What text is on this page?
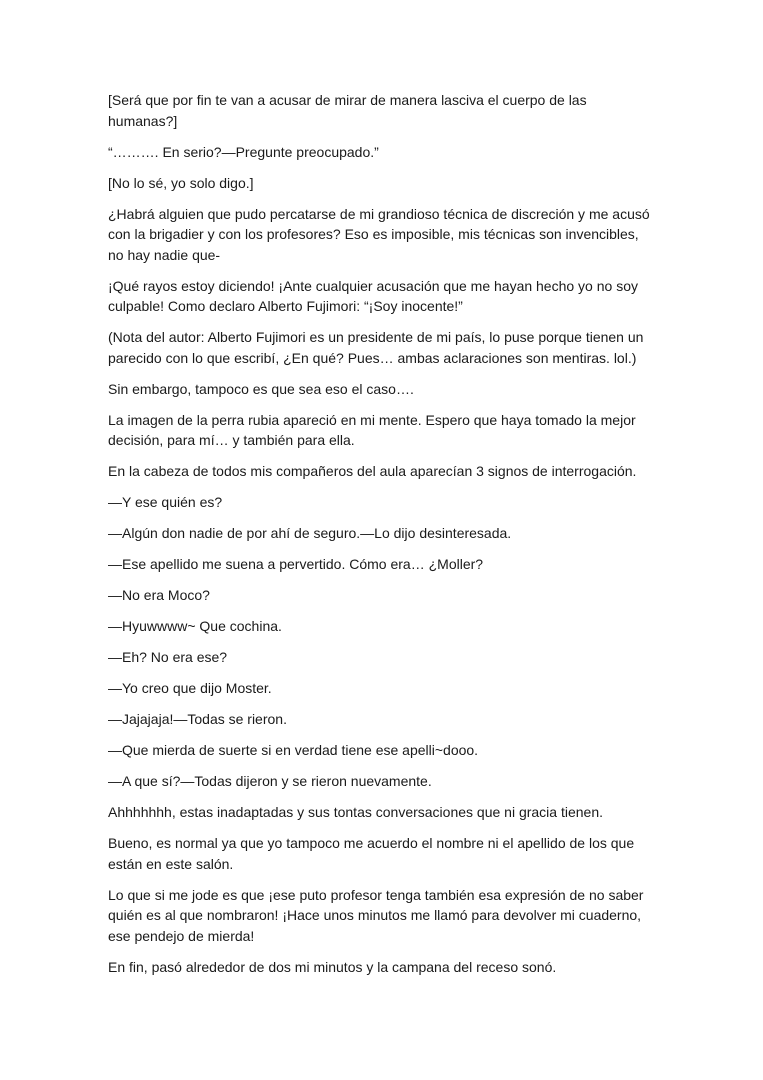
[Será que por fin te van a acusar de mirar de manera lasciva el cuerpo de las humanas?]

“………. En serio?—Pregunte preocupado.”

[No lo sé, yo solo digo.]

¿Habrá alguien que pudo percatarse de mi grandioso técnica de discreción y me acusó con la brigadier y con los profesores? Eso es imposible, mis técnicas son invencibles, no hay nadie que-

¡Qué rayos estoy diciendo! ¡Ante cualquier acusación que me hayan hecho yo no soy culpable! Como declaro Alberto Fujimori: “¡Soy inocente!”

(Nota del autor: Alberto Fujimori es un presidente de mi país, lo puse porque tienen un parecido con lo que escribí, ¿En qué? Pues… ambas aclaraciones son mentiras. lol.)

Sin embargo, tampoco es que sea eso el caso….

La imagen de la perra rubia apareció en mi mente. Espero que haya tomado la mejor decisión, para mí… y también para ella.

En la cabeza de todos mis compañeros del aula aparecían 3 signos de interrogación.

—Y ese quién es?

—Algún don nadie de por ahí de seguro.—Lo dijo desinteresada.

—Ese apellido me suena a pervertido. Cómo era… ¿Moller?

—No era Moco?

—Hyuwwww~ Que cochina.

—Eh? No era ese?

—Yo creo que dijo Moster.

—Jajajaja!—Todas se rieron.

—Que mierda de suerte si en verdad tiene ese apelli~dooo.

—A que sí?—Todas dijeron y se rieron nuevamente.

Ahhhhhhh, estas inadaptadas y sus tontas conversaciones que ni gracia tienen.

Bueno, es normal ya que yo tampoco me acuerdo el nombre ni el apellido de los que están en este salón.

Lo que si me jode es que ¡ese puto profesor tenga también esa expresión de no saber quién es al que nombraron! ¡Hace unos minutos me llamó para devolver mi cuaderno, ese pendejo de mierda!

En fin, pasó alrededor de dos mi minutos y la campana del receso sonó.
